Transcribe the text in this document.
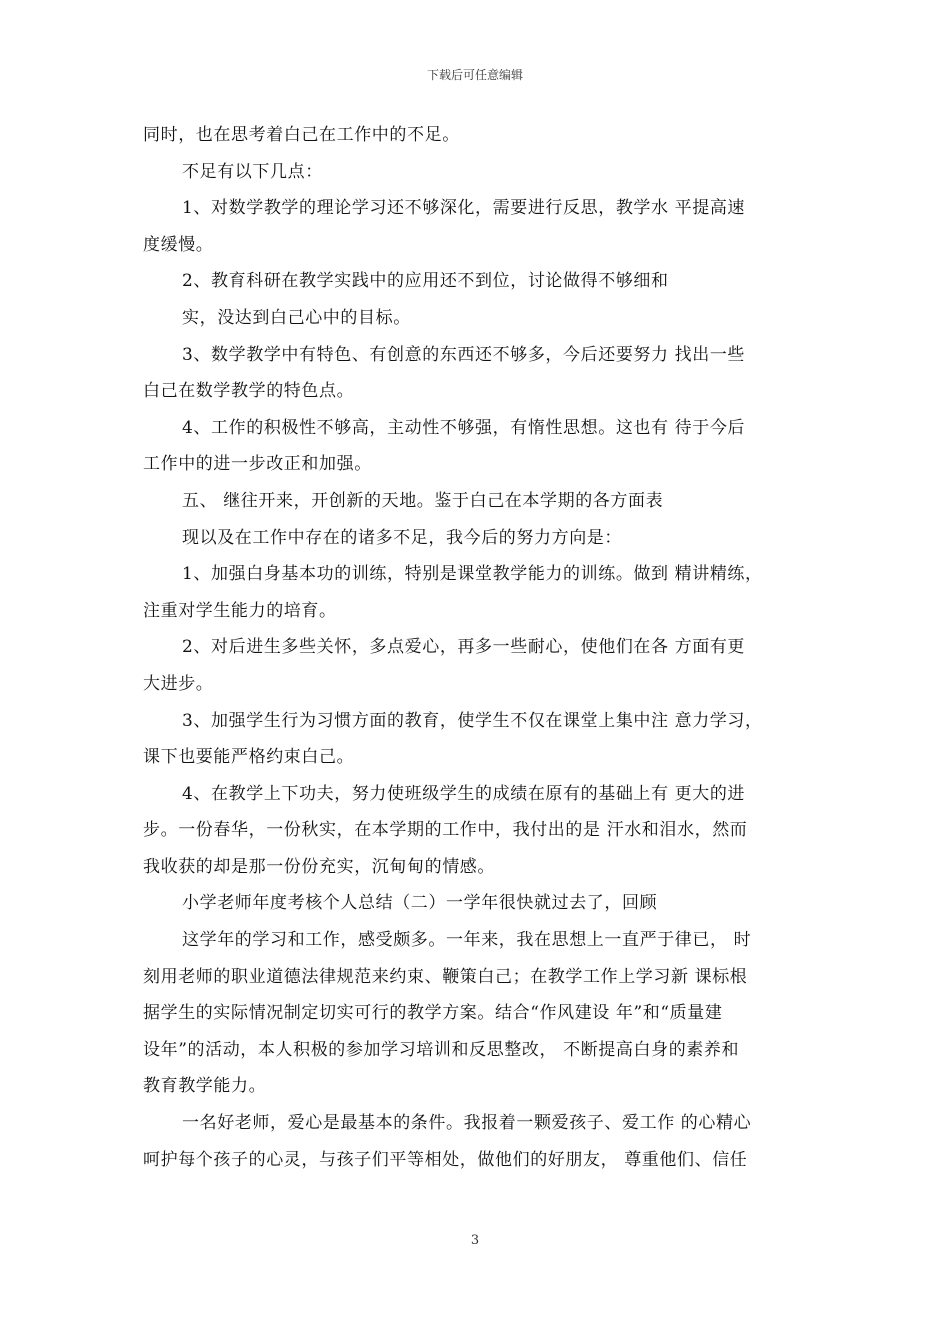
下载后可任意编辑
同时，也在思考着白己在工作中的不足。
不足有以下几点：
1、对数学教学的理论学习还不够深化，需要进行反思，教学水 平提高速
度缓慢。
2、教育科研在教学实践中的应用还不到位，讨论做得不够细和
实，没达到白己心中的目标。
3、数学教学中有特色、有创意的东西还不够多，今后还要努力 找出一些
白己在数学教学的特色点。
4、工作的积极性不够高，主动性不够强，有惰性思想。这也有 待于今后
工作中的进一步改正和加强。
五、 继往开来，开创新的天地。鉴于白己在本学期的各方面表
现以及在工作中存在的诸多不足，我今后的努力方向是：
1、加强白身基本功的训练，特别是课堂教学能力的训练。做到 精讲精练，
注重对学生能力的培育。
2、对后进生多些关怀，多点爱心，再多一些耐心，使他们在各 方面有更
大进步。
3、加强学生行为习惯方面的教育，使学生不仅在课堂上集中注 意力学习，
课下也要能严格约束白己。
4、在教学上下功夫，努力使班级学生的成绩在原有的基础上有 更大的进
步。一份春华，一份秋实，在本学期的工作中，我付出的是 汗水和泪水，然而
我收获的却是那一份份充实，沉甸甸的情感。
小学老师年度考核个人总结（二）一学年很快就过去了，回顾
这学年的学习和工作，感受颇多。一年来，我在思想上一直严于律已， 时
刻用老师的职业道德法律规范来约束、鞭策白己；在教学工作上学习新 课标根
据学生的实际情况制定切实可行的教学方案。结合“作风建设 年”和“质量建
设年”的活动，本人积极的参加学习培训和反思整改， 不断提高白身的素养和
教育教学能力。
一名好老师，爱心是最基本的条件。我报着一颗爱孩子、爱工作 的心精心
呵护每个孩子的心灵，与孩子们平等相处，做他们的好朋友， 尊重他们、信任
3
